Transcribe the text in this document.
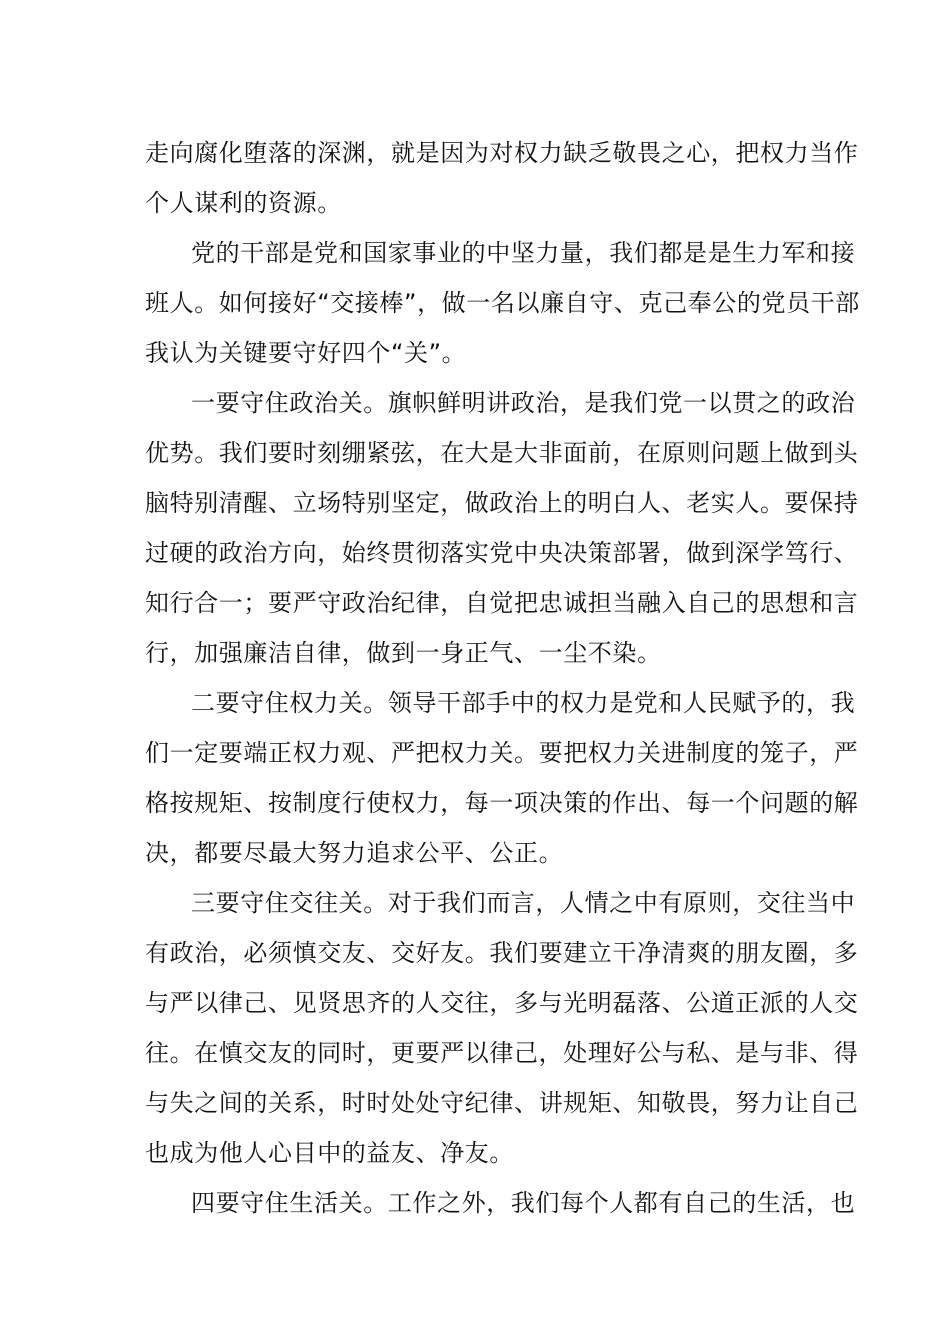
走向腐化堕落的深渊，就是因为对权力缺乏敬畏之心，把权力当作
个人谋利的资源。
党的干部是党和国家事业的中坚力量，我们都是是生力军和接
班人。如何接好“交接棒”，做一名以廉自守、克己奉公的党员干部
我认为关键要守好四个“关”。
一要守住政治关。旗帜鲜明讲政治，是我们党一以贯之的政治
优势。我们要时刻绷紧弦，在大是大非面前，在原则问题上做到头
脑特别清醒、立场特别坚定，做政治上的明白人、老实人。要保持
过硬的政治方向，始终贯彻落实党中央决策部署，做到深学笃行、
知行合一；要严守政治纪律，自觉把忠诚担当融入自己的思想和言
行，加强廉洁自律，做到一身正气、一尘不染。
二要守住权力关。领导干部手中的权力是党和人民赋予的，我
们一定要端正权力观、严把权力关。要把权力关进制度的笼子，严
格按规矩、按制度行使权力，每一项决策的作出、每一个问题的解
决，都要尽最大努力追求公平、公正。
三要守住交往关。对于我们而言，人情之中有原则，交往当中
有政治，必须慎交友、交好友。我们要建立干净清爽的朋友圈，多
与严以律己、见贤思齐的人交往，多与光明磊落、公道正派的人交
往。在慎交友的同时，更要严以律己，处理好公与私、是与非、得
与失之间的关系，时时处处守纪律、讲规矩、知敬畏，努力让自己
也成为他人心目中的益友、净友。
四要守住生活关。工作之外，我们每个人都有自己的生活，也
